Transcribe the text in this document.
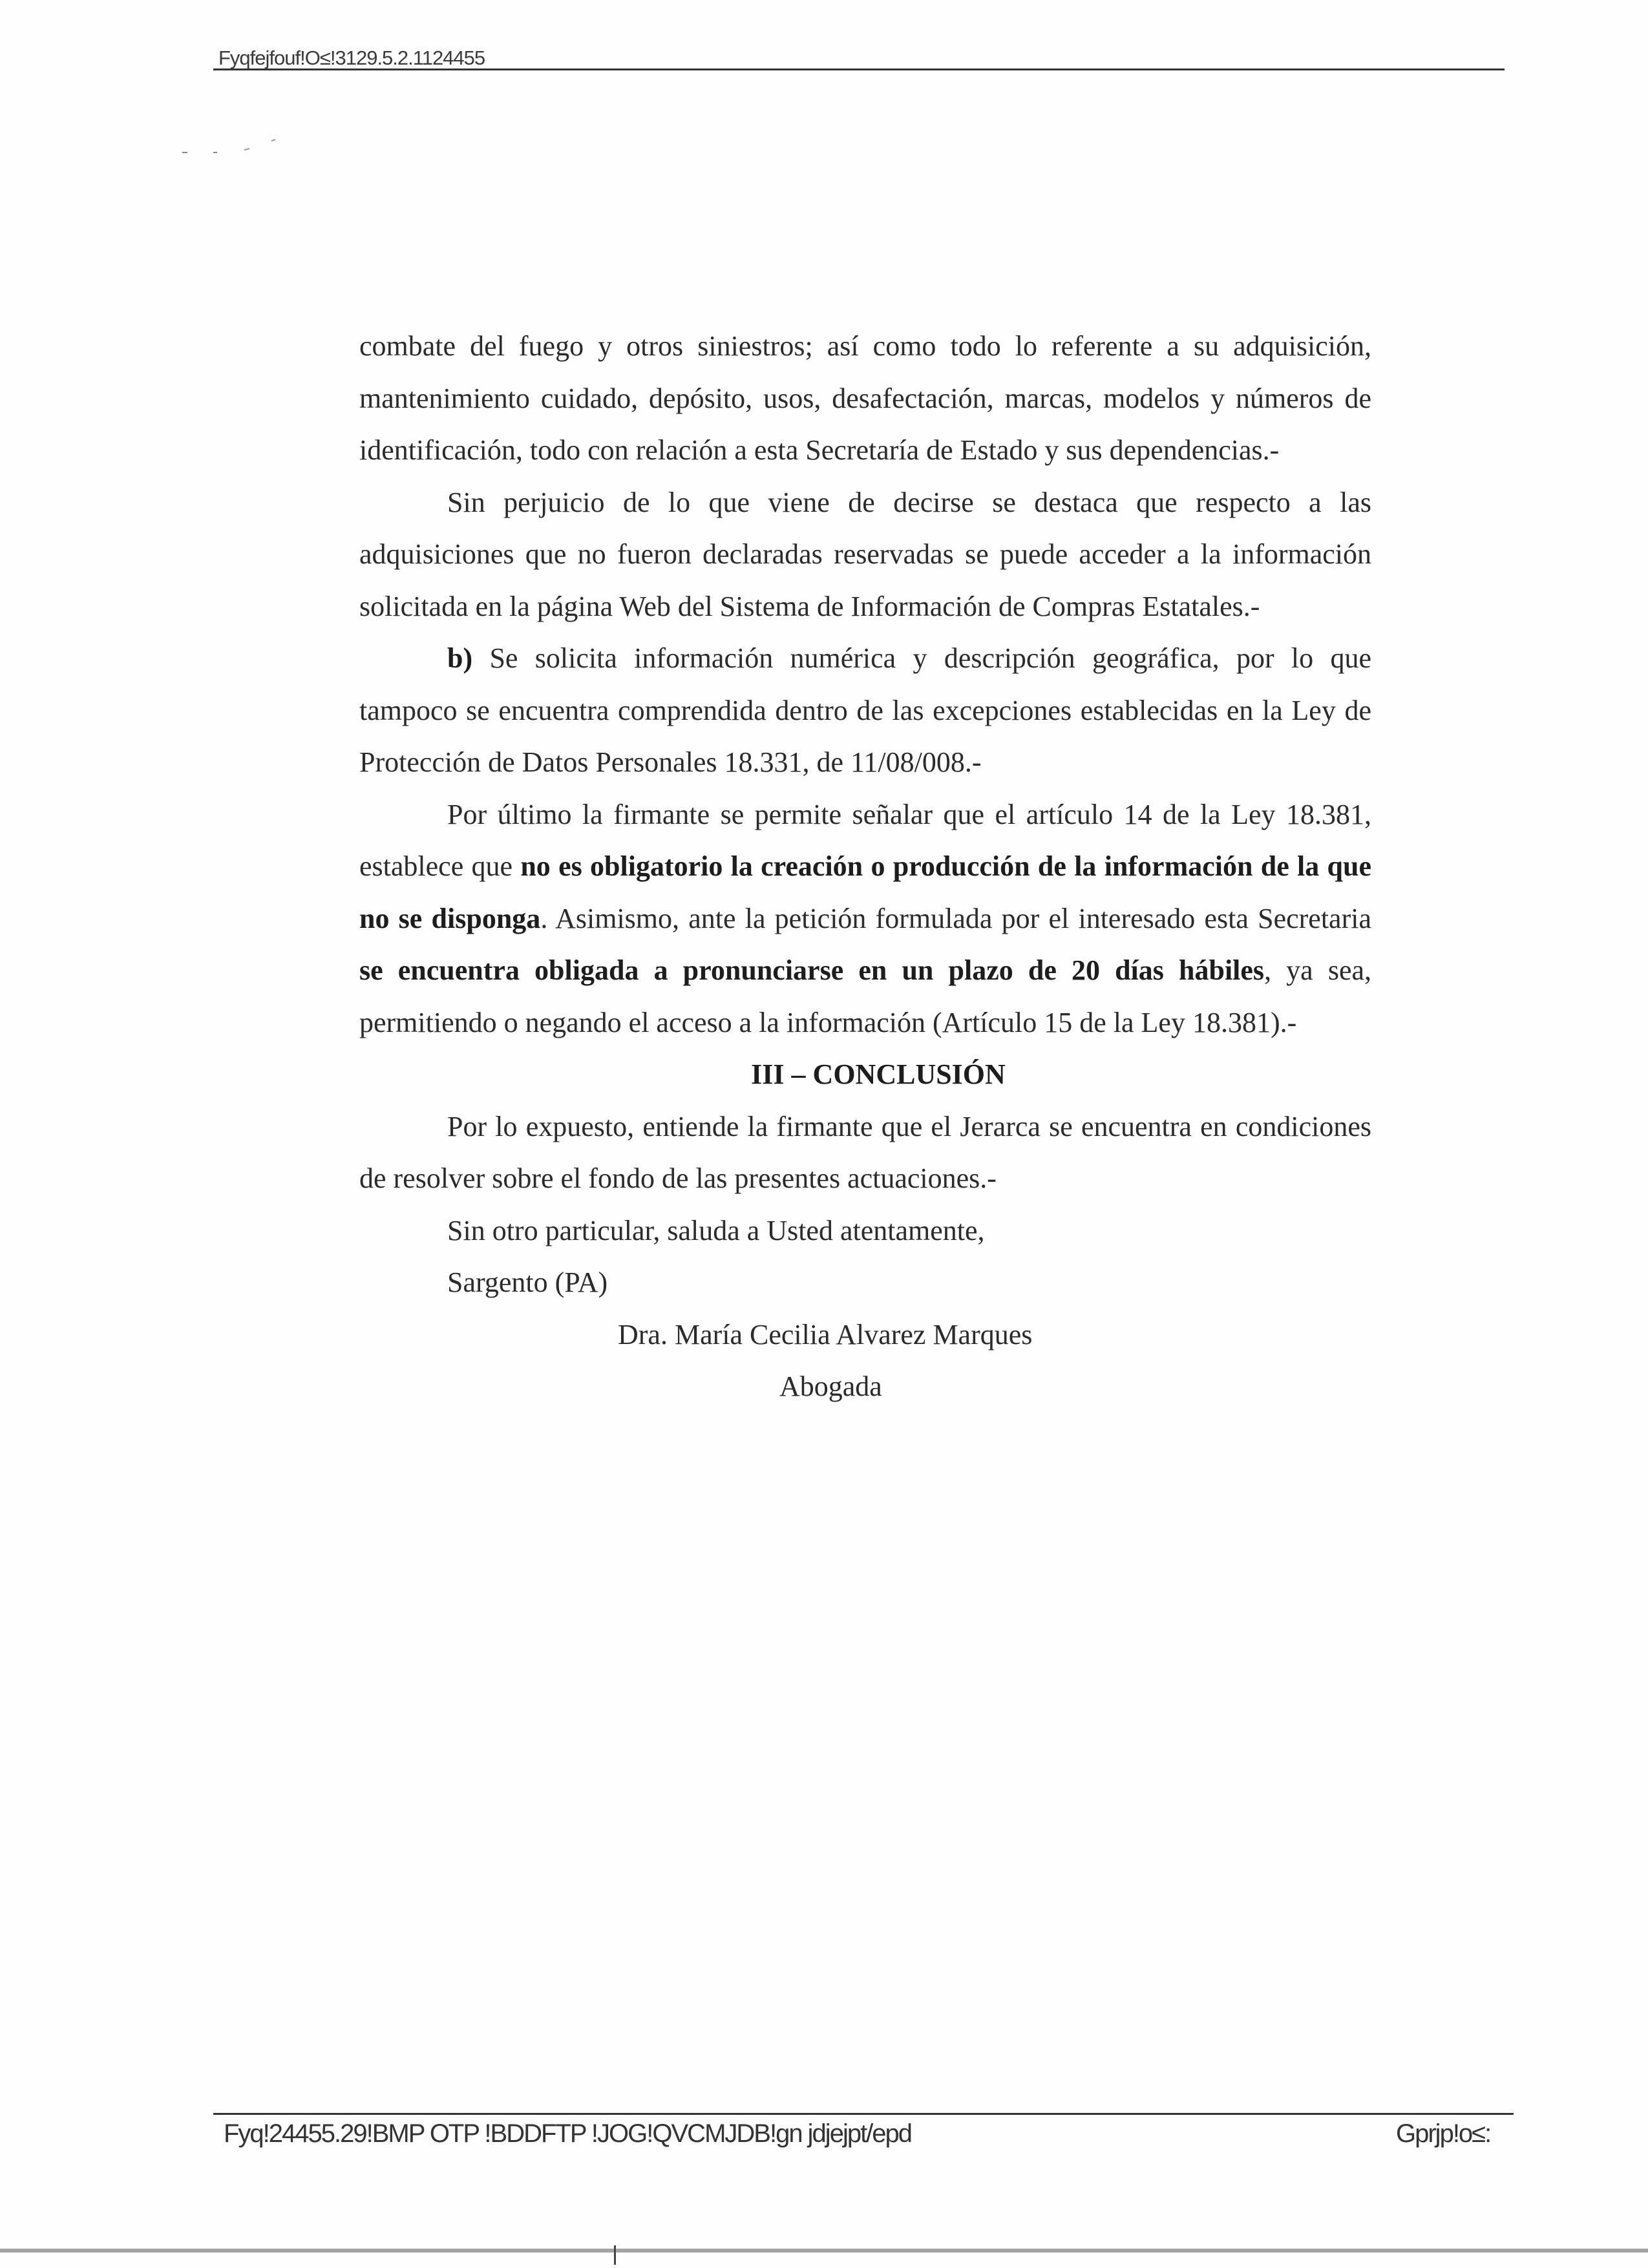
Fyqfejfouf!O≤!3129.5.2.1124455

combate del fuego y otros siniestros; así como todo lo referente a su adquisición, mantenimiento cuidado, depósito, usos, desafectación, marcas, modelos y números de identificación, todo con relación a esta Secretaría de Estado y sus dependencias.-

Sin perjuicio de lo que viene de decirse se destaca que respecto a las adquisiciones que no fueron declaradas reservadas se puede acceder a la información solicitada en la página Web del Sistema de Información de Compras Estatales.-

b) Se solicita información numérica y descripción geográfica, por lo que tampoco se encuentra comprendida dentro de las excepciones establecidas en la Ley de Protección de Datos Personales 18.331, de 11/08/008.-

Por último la firmante se permite señalar que el artículo 14 de la Ley 18.381, establece que no es obligatorio la creación o producción de la información de la que no se disponga. Asimismo, ante la petición formulada por el interesado esta Secretaria se encuentra obligada a pronunciarse en un plazo de 20 días hábiles, ya sea, permitiendo o negando el acceso a la información (Artículo 15 de la Ley 18.381).-

III – CONCLUSIÓN

Por lo expuesto, entiende la firmante que el Jerarca se encuentra en condiciones de resolver sobre el fondo de las presentes actuaciones.-

Sin otro particular, saluda a Usted atentamente,

Sargento (PA)

Dra. María Cecilia Alvarez Marques

Abogada

Fyq!24455.29!BMP OTP !BDDFTP !JOG!QVCMJDB!gn jdjejpt/epd	Gprjp!o≤:
